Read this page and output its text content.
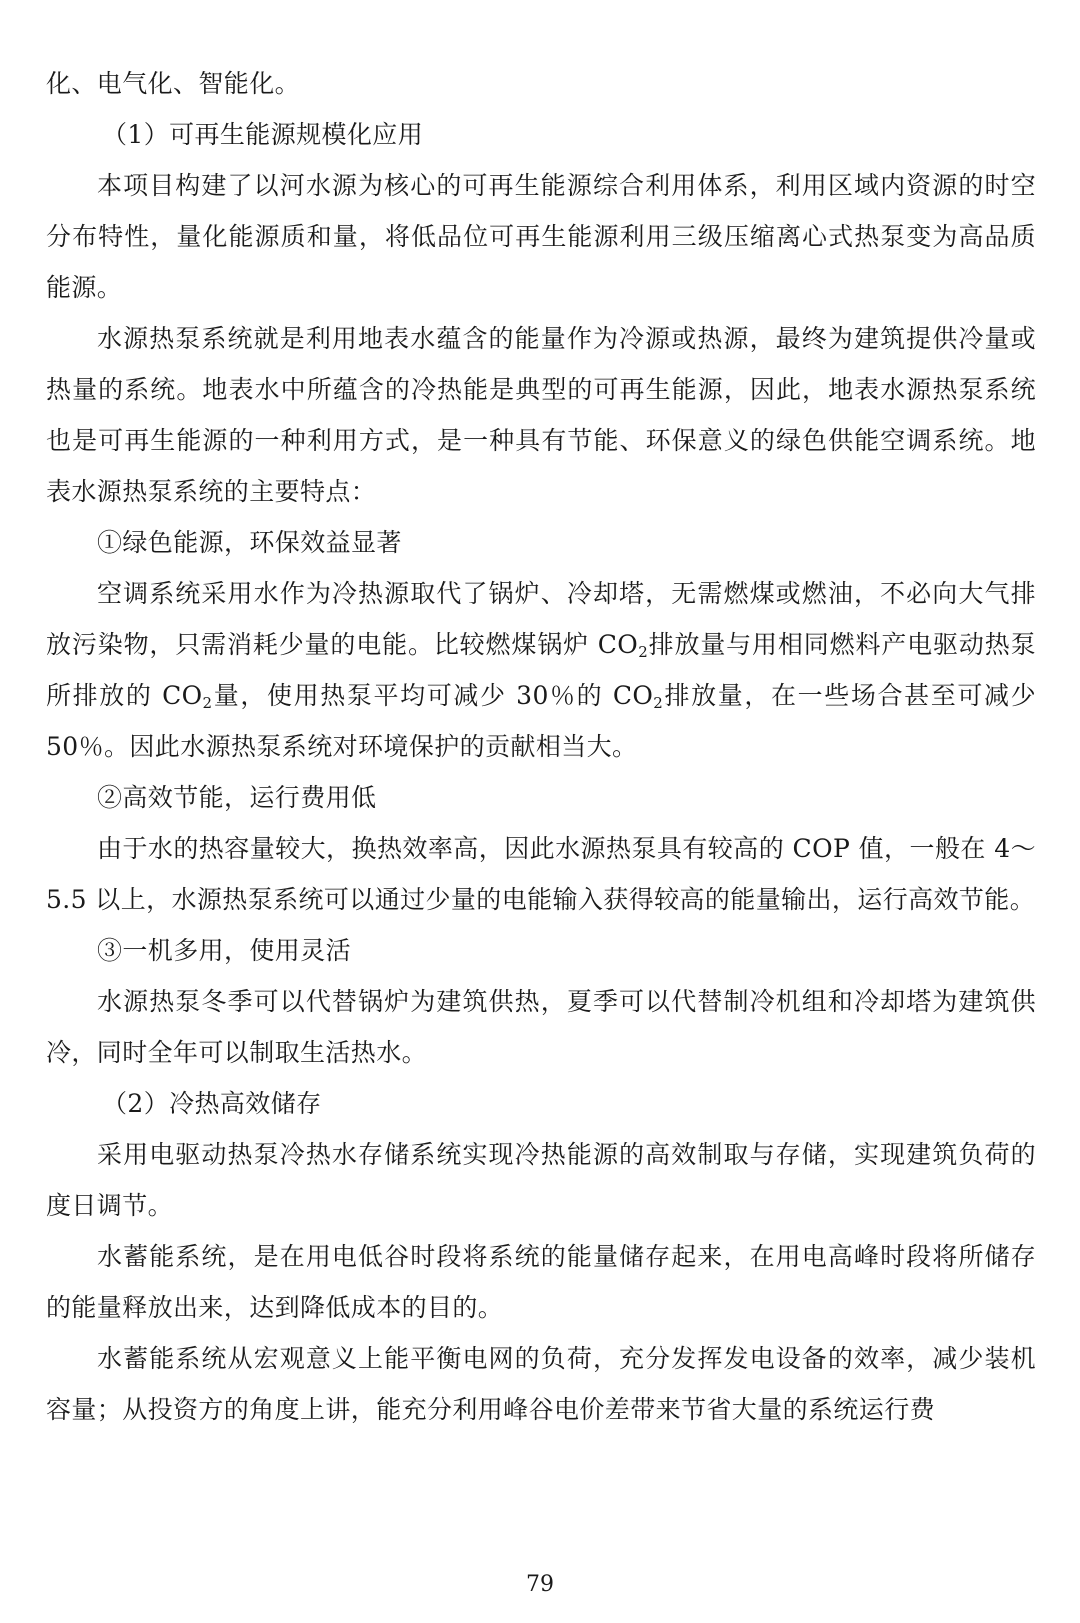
化、电气化、智能化。

（1）可再生能源规模化应用

本项目构建了以河水源为核心的可再生能源综合利用体系，利用区域内资源的时空分布特性，量化能源质和量，将低品位可再生能源利用三级压缩离心式热泵变为高品质能源。

水源热泵系统就是利用地表水蕴含的能量作为冷源或热源，最终为建筑提供冷量或热量的系统。地表水中所蕴含的冷热能是典型的可再生能源，因此，地表水源热泵系统也是可再生能源的一种利用方式，是一种具有节能、环保意义的绿色供能空调系统。地表水源热泵系统的主要特点：

①绿色能源，环保效益显著

空调系统采用水作为冷热源取代了锅炉、冷却塔，无需燃煤或燃油，不必向大气排放污染物，只需消耗少量的电能。比较燃煤锅炉 $CO_2$排放量与用相同燃料产电驱动热泵所排放的 $CO_2$量，使用热泵平均可减少 30％的 $CO_2$排放量，在一些场合甚至可减少 50％。因此水源热泵系统对环境保护的贡献相当大。

②高效节能，运行费用低

由于水的热容量较大，换热效率高，因此水源热泵具有较高的 COP 值，一般在 4～5.5 以上，水源热泵系统可以通过少量的电能输入获得较高的能量输出，运行高效节能。

③一机多用，使用灵活

水源热泵冬季可以代替锅炉为建筑供热，夏季可以代替制冷机组和冷却塔为建筑供冷，同时全年可以制取生活热水。

（2）冷热高效储存

采用电驱动热泵冷热水存储系统实现冷热能源的高效制取与存储，实现建筑负荷的度日调节。

水蓄能系统，是在用电低谷时段将系统的能量储存起来，在用电高峰时段将所储存的能量释放出来，达到降低成本的目的。

水蓄能系统从宏观意义上能平衡电网的负荷，充分发挥发电设备的效率，减少装机容量；从投资方的角度上讲，能充分利用峰谷电价差带来节省大量的系统运行费

79
